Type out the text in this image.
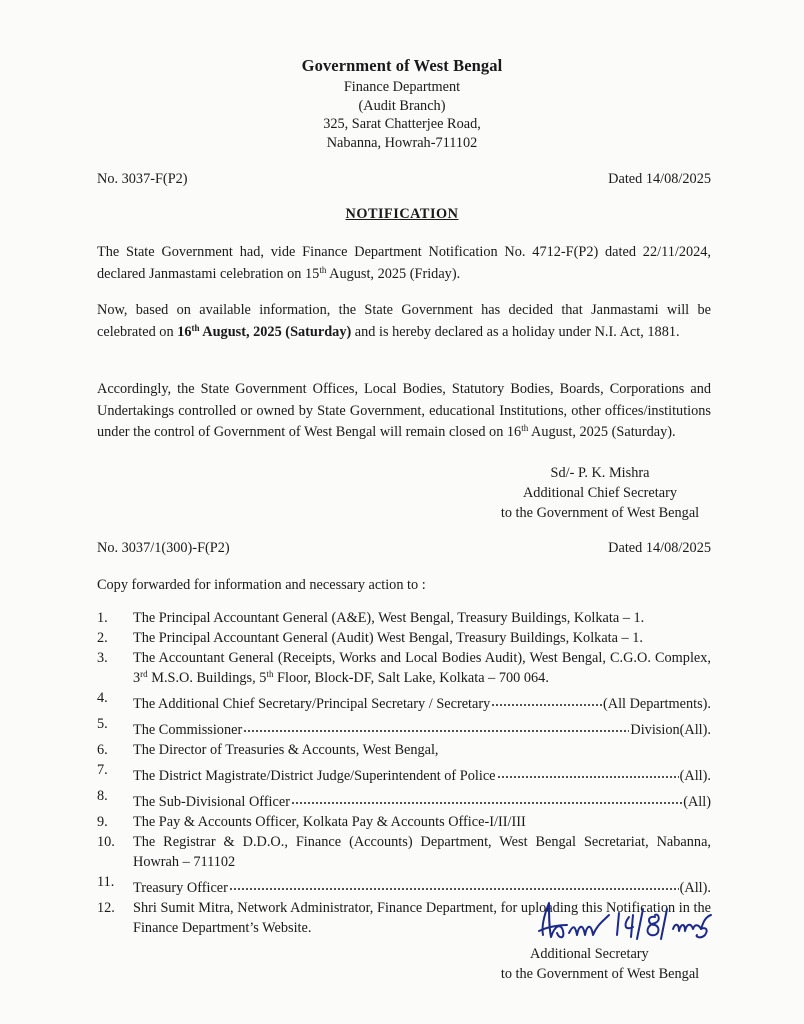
Government of West Bengal
Finance Department
(Audit Branch)
325, Sarat Chatterjee Road,
Nabanna, Howrah-711102
No. 3037-F(P2)	Dated 14/08/2025
NOTIFICATION
The State Government had, vide Finance Department Notification No. 4712-F(P2) dated 22/11/2024, declared Janmastami celebration on 15th August, 2025 (Friday).
Now, based on available information, the State Government has decided that Janmastami will be celebrated on 16th August, 2025 (Saturday) and is hereby declared as a holiday under N.I. Act, 1881.
Accordingly, the State Government Offices, Local Bodies, Statutory Bodies, Boards, Corporations and Undertakings controlled or owned by State Government, educational Institutions, other offices/institutions under the control of Government of West Bengal will remain closed on 16th August, 2025 (Saturday).
Sd/- P. K. Mishra
Additional Chief Secretary
to the Government of West Bengal
No. 3037/1(300)-F(P2)	Dated 14/08/2025
Copy forwarded for information and necessary action to :
1.	The Principal Accountant General (A&E), West Bengal, Treasury Buildings, Kolkata – 1.
2.	The Principal Accountant General (Audit) West Bengal, Treasury Buildings, Kolkata – 1.
3.	The Accountant General (Receipts, Works and Local Bodies Audit), West Bengal, C.G.O. Complex, 3rd M.S.O. Buildings, 5th Floor, Block-DF, Salt Lake, Kolkata – 700 064.
4.	The Additional Chief Secretary/Principal Secretary / Secretary	(All Departments).
5.	The Commissioner	Division(All).
6.	The Director of Treasuries & Accounts, West Bengal,
7.	The District Magistrate/District Judge/Superintendent of Police	(All).
8.	The Sub-Divisional Officer	(All)
9.	The Pay & Accounts Officer, Kolkata Pay & Accounts Office-I/II/III
10.	The Registrar & D.D.O., Finance (Accounts) Department, West Bengal Secretariat, Nabanna, Howrah – 711102
11.	Treasury Officer	(All).
12.	Shri Sumit Mitra, Network Administrator, Finance Department, for uploading this Notification in the Finance Department’s Website.
Additional Secretary
to the Government of West Bengal
